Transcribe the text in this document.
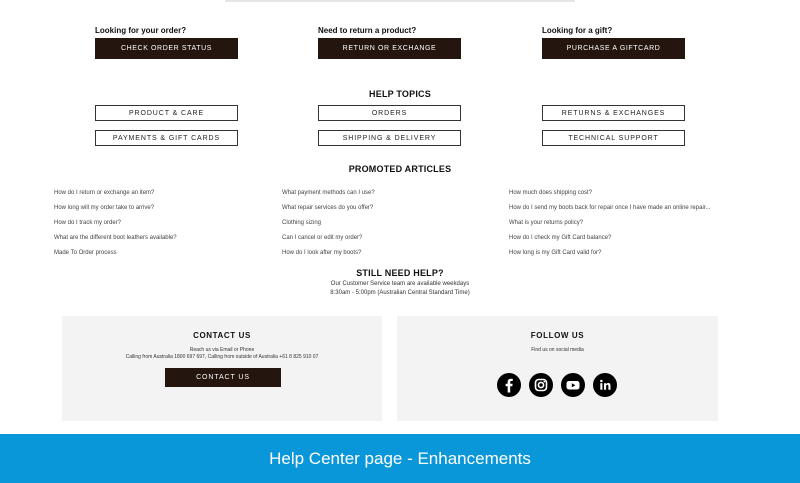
Looking for your order?
CHECK ORDER STATUS
Need to return a product?
RETURN OR EXCHANGE
Looking for a gift?
PURCHASE A GIFTCARD
HELP TOPICS
PRODUCT & CARE	ORDERS	RETURNS & EXCHANGES
PAYMENTS & GIFT CARDS	SHIPPING & DELIVERY	TECHNICAL SUPPORT
PROMOTED ARTICLES
How do I return or exchange an item?
How long will my order take to arrive?
How do I track my order?
What are the different boot leathers available?
Made To Order process
What payment methods can I use?
What repair services do you offer?
Clothing sizing
Can I cancel or edit my order?
How do I look after my boots?
How much does shipping cost?
How do I send my boots back for repair once I have made an online repair...
What is your returns policy?
How do I check my Gift Card balance?
How long is my Gift Card valid for?
STILL NEED HELP?
Our Customer Service team are available weekdays
8:30am - 5:00pm (Australian Central Standard Time)
CONTACT US
Reach us via Email or Phone
Calling from Australia 1800 697 697, Calling from outside of Australia +61 8 825 910 07
CONTACT US
FOLLOW US
Find us on social media
Help Center page - Enhancements
